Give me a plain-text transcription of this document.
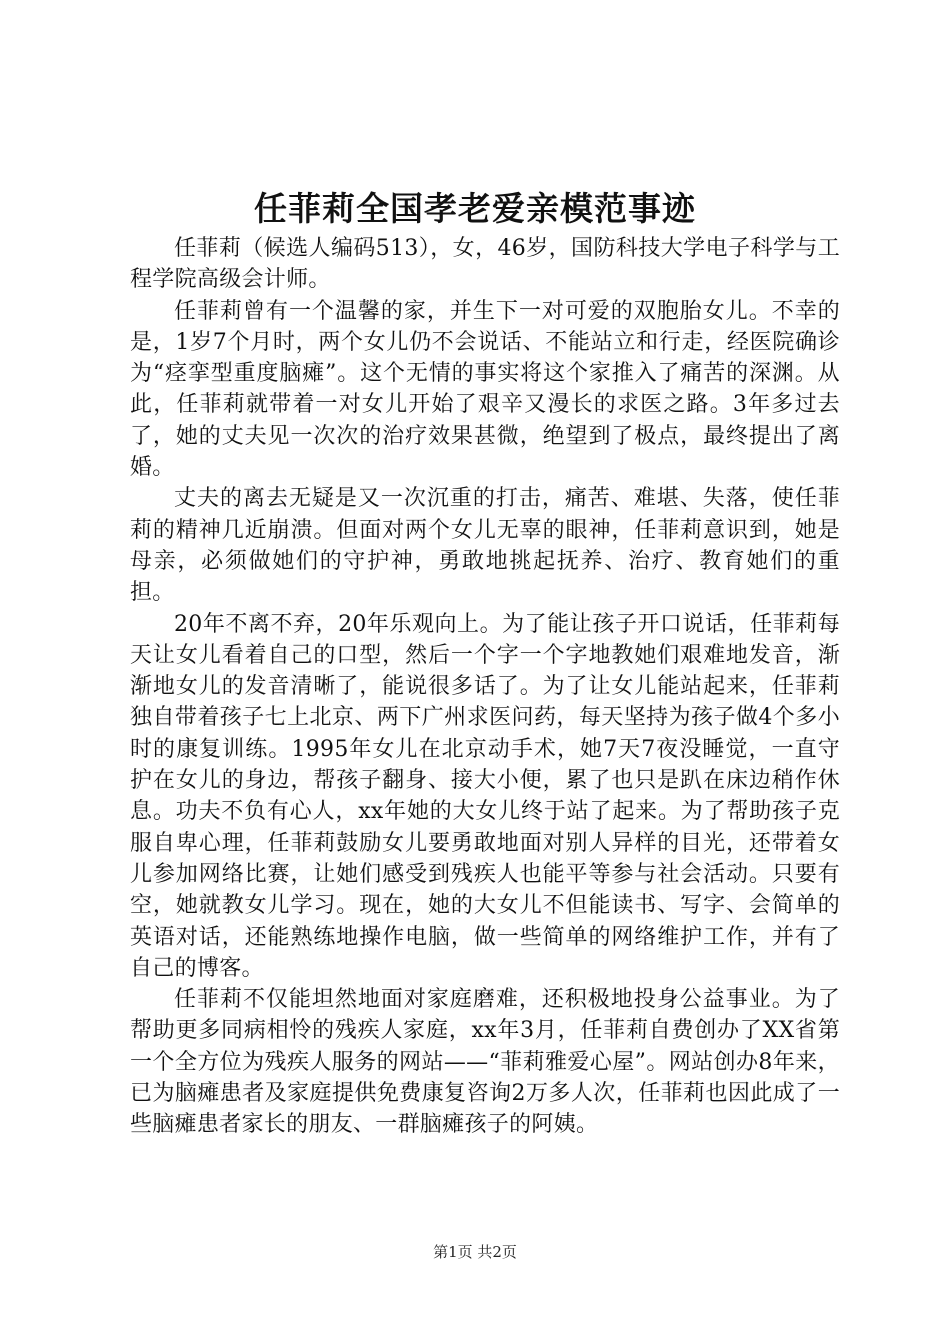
任菲莉全国孝老爱亲模范事迹

任菲莉（候选人编码513），女，46岁，国防科技大学电子科学与工程学院高级会计师。

任菲莉曾有一个温馨的家，并生下一对可爱的双胞胎女儿。不幸的是，1岁7个月时，两个女儿仍不会说话、不能站立和行走，经医院确诊为“痉挛型重度脑瘫”。这个无情的事实将这个家推入了痛苦的深渊。从此，任菲莉就带着一对女儿开始了艰辛又漫长的求医之路。3年多过去了，她的丈夫见一次次的治疗效果甚微，绝望到了极点，最终提出了离婚。

丈夫的离去无疑是又一次沉重的打击，痛苦、难堪、失落，使任菲莉的精神几近崩溃。但面对两个女儿无辜的眼神，任菲莉意识到，她是母亲，必须做她们的守护神，勇敢地挑起抚养、治疗、教育她们的重担。

20年不离不弃，20年乐观向上。为了能让孩子开口说话，任菲莉每天让女儿看着自己的口型，然后一个字一个字地教她们艰难地发音，渐渐地女儿的发音清晰了，能说很多话了。为了让女儿能站起来，任菲莉独自带着孩子七上北京、两下广州求医问药，每天坚持为孩子做4个多小时的康复训练。1995年女儿在北京动手术，她7天7夜没睡觉，一直守护在女儿的身边，帮孩子翻身、接大小便，累了也只是趴在床边稍作休息。功夫不负有心人，xx年她的大女儿终于站了起来。为了帮助孩子克服自卑心理，任菲莉鼓励女儿要勇敢地面对别人异样的目光，还带着女儿参加网络比赛，让她们感受到残疾人也能平等参与社会活动。只要有空，她就教女儿学习。现在，她的大女儿不但能读书、写字、会简单的英语对话，还能熟练地操作电脑，做一些简单的网络维护工作，并有了自己的博客。

任菲莉不仅能坦然地面对家庭磨难，还积极地投身公益事业。为了帮助更多同病相怜的残疾人家庭，xx年3月，任菲莉自费创办了XX省第一个全方位为残疾人服务的网站——“菲莉雅爱心屋”。网站创办8年来，已为脑瘫患者及家庭提供免费康复咨询2万多人次，任菲莉也因此成了一些脑瘫患者家长的朋友、一群脑瘫孩子的阿姨。

第1页 共2页
